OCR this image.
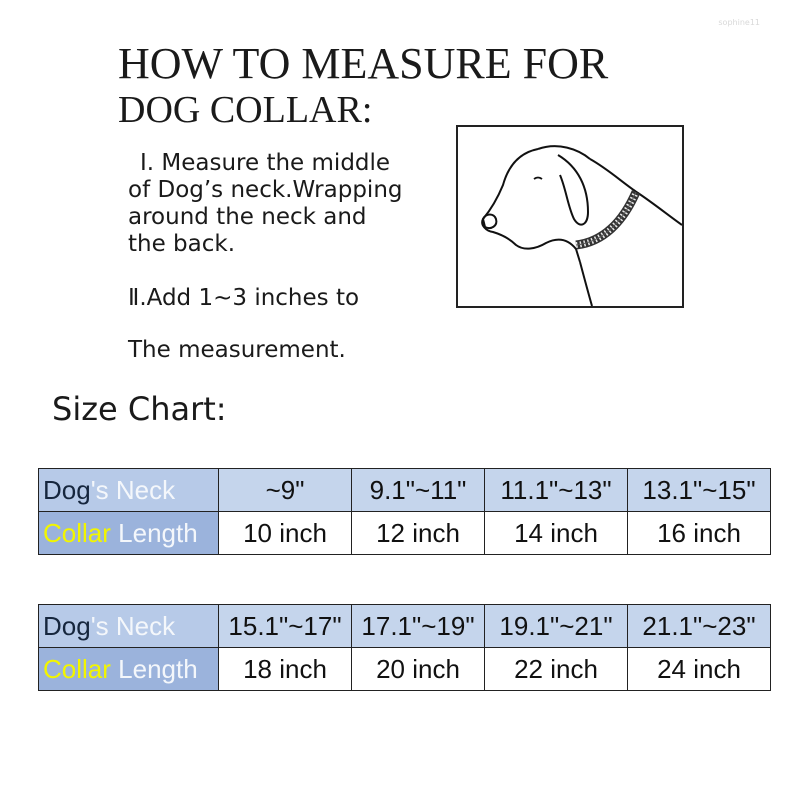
sophine11
HOW TO MEASURE FOR
DOG COLLAR:
Ⅰ. Measure the middle
of Dog’s neck.Wrapping
around the neck and
the back.
Ⅱ.Add 1~3 inches to
The measurement.
Size Chart:
Dog's Neck	~9"	9.1"~11"	11.1"~13"	13.1"~15"
Collar Length	10 inch	12 inch	14 inch	16 inch
Dog's Neck	15.1"~17"	17.1"~19"	19.1"~21"	21.1"~23"
Collar Length	18 inch	20 inch	22 inch	24 inch
